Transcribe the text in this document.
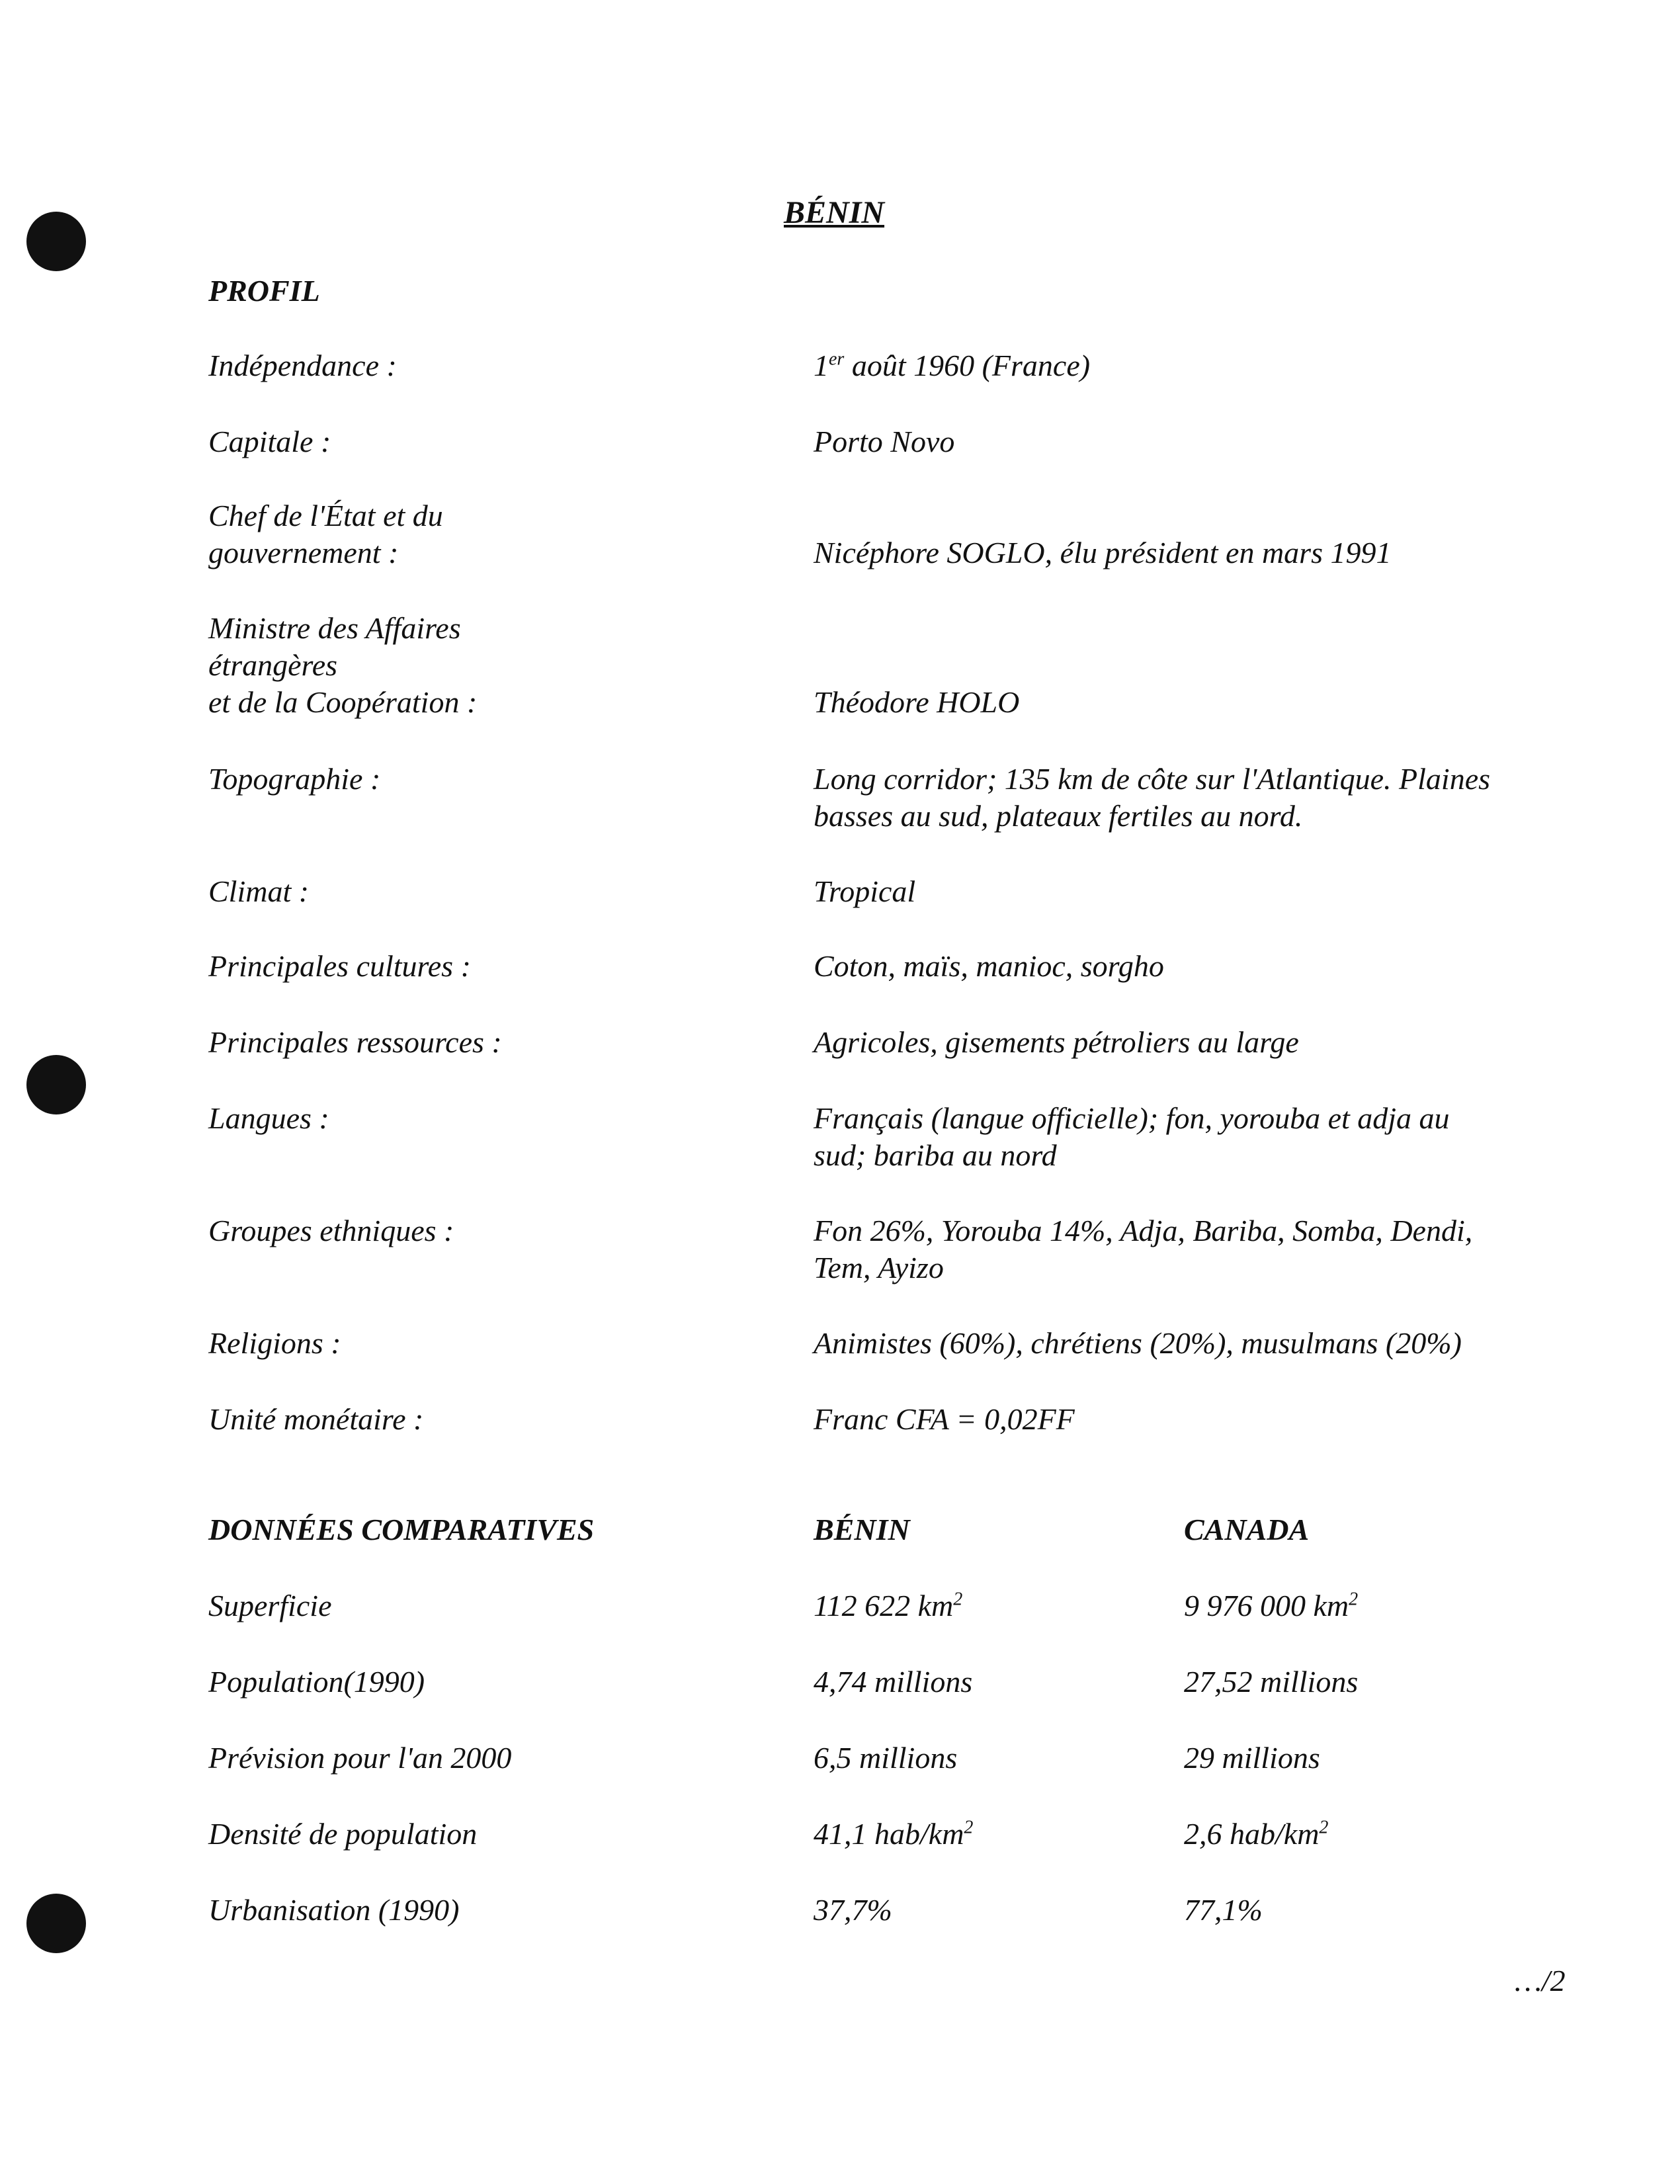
BÉNIN
PROFIL
Indépendance :	1er août 1960 (France)
Capitale :	Porto Novo
Chef de l'État et du
gouvernement :	Nicéphore SOGLO, élu président en mars 1991
Ministre des Affaires
étrangères
et de la Coopération :	Théodore HOLO
Topographie :	Long corridor; 135 km de côte sur l'Atlantique. Plaines
basses au sud, plateaux fertiles au nord.
Climat :	Tropical
Principales cultures :	Coton, maïs, manioc, sorgho
Principales ressources :	Agricoles, gisements pétroliers au large
Langues :	Français (langue officielle); fon, yorouba et adja au
sud; bariba au nord
Groupes ethniques :	Fon 26%, Yorouba 14%, Adja, Bariba, Somba, Dendi,
Tem, Ayizo
Religions :	Animistes (60%), chrétiens (20%), musulmans (20%)
Unité monétaire :	Franc CFA = 0,02FF
DONNÉES COMPARATIVES	BÉNIN	CANADA
Superficie	112 622 $km^2$	9 976 000 $km^2$
Population(1990)	4,74 millions	27,52 millions
Prévision pour l'an 2000	6,5 millions	29 millions
Densité de population	41,1 hab/$km^2$	2,6 hab/$km^2$
Urbanisation (1990)	37,7%	77,1%
…/2
